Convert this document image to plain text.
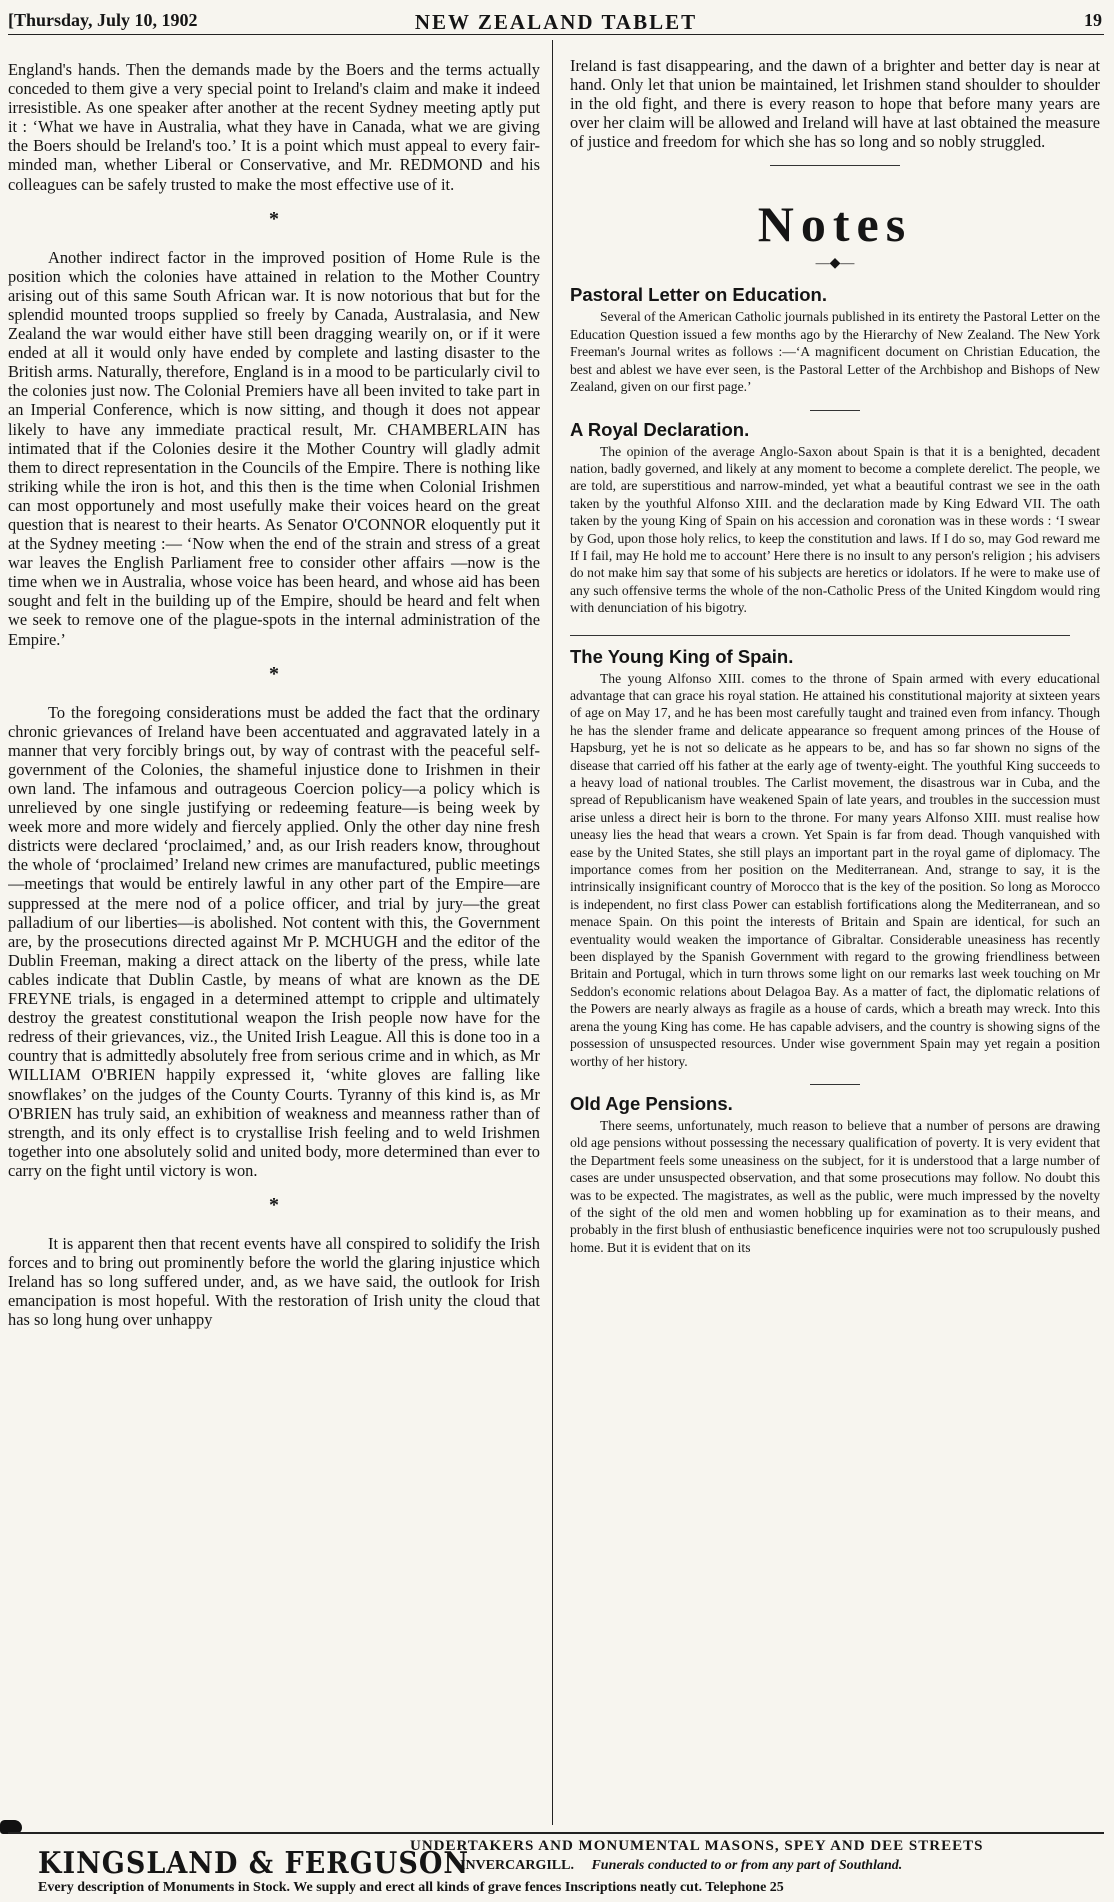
[Thursday, July 10, 1902	NEW ZEALAND TABLET	19

England's hands. Then the demands made by the Boers and the terms actually conceded to them give a very special point to Ireland's claim and make it indeed irresistible. As one speaker after another at the recent Sydney meeting aptly put it : ‘What we have in Australia, what they have in Canada, what we are giving the Boers should be Ireland's too.’ It is a point which must appeal to every fair-minded man, whether Liberal or Conservative, and Mr. REDMOND and his colleagues can be safely trusted to make the most effective use of it.

*

Another indirect factor in the improved position of Home Rule is the position which the colonies have attained in relation to the Mother Country arising out of this same South African war. It is now notorious that but for the splendid mounted troops supplied so freely by Canada, Australasia, and New Zealand the war would either have still been dragging wearily on, or if it were ended at all it would only have ended by complete and lasting disaster to the British arms. Naturally, therefore, England is in a mood to be particularly civil to the colonies just now. The Colonial Premiers have all been invited to take part in an Imperial Conference, which is now sitting, and though it does not appear likely to have any immediate practical result, Mr. CHAMBERLAIN has intimated that if the Colonies desire it the Mother Country will gladly admit them to direct representation in the Councils of the Empire. There is nothing like striking while the iron is hot, and this then is the time when Colonial Irishmen can most opportunely and most usefully make their voices heard on the great question that is nearest to their hearts. As Senator O'CONNOR eloquently put it at the Sydney meeting :— ‘Now when the end of the strain and stress of a great war leaves the English Parliament free to consider other affairs —now is the time when we in Australia, whose voice has been heard, and whose aid has been sought and felt in the building up of the Empire, should be heard and felt when we seek to remove one of the plague-spots in the internal administration of the Empire.’

*

To the foregoing considerations must be added the fact that the ordinary chronic grievances of Ireland have been accentuated and aggravated lately in a manner that very forcibly brings out, by way of contrast with the peaceful self-government of the Colonies, the shameful injustice done to Irishmen in their own land. The infamous and outrageous Coercion policy—a policy which is unrelieved by one single justifying or redeeming feature—is being week by week more and more widely and fiercely applied. Only the other day nine fresh districts were declared ‘proclaimed,’ and, as our Irish readers know, throughout the whole of ‘proclaimed’ Ireland new crimes are manufactured, public meetings—meetings that would be entirely lawful in any other part of the Empire—are suppressed at the mere nod of a police officer, and trial by jury—the great palladium of our liberties—is abolished. Not content with this, the Government are, by the prosecutions directed against Mr P. MCHUGH and the editor of the Dublin Freeman, making a direct attack on the liberty of the press, while late cables indicate that Dublin Castle, by means of what are known as the DE FREYNE trials, is engaged in a determined attempt to cripple and ultimately destroy the greatest constitutional weapon the Irish people now have for the redress of their grievances, viz., the United Irish League. All this is done too in a country that is admittedly absolutely free from serious crime and in which, as Mr WILLIAM O'BRIEN happily expressed it, ‘white gloves are falling like snowflakes’ on the judges of the County Courts. Tyranny of this kind is, as Mr O'BRIEN has truly said, an exhibition of weakness and meanness rather than of strength, and its only effect is to crystallise Irish feeling and to weld Irishmen together into one absolutely solid and united body, more determined than ever to carry on the fight until victory is won.

*

It is apparent then that recent events have all conspired to solidify the Irish forces and to bring out prominently before the world the glaring injustice which Ireland has so long suffered under, and, as we have said, the outlook for Irish emancipation is most hopeful. With the restoration of Irish unity the cloud that has so long hung over unhappy

Ireland is fast disappearing, and the dawn of a brighter and better day is near at hand. Only let that union be maintained, let Irishmen stand shoulder to shoulder in the old fight, and there is every reason to hope that before many years are over her claim will be allowed and Ireland will have at last obtained the measure of justice and freedom for which she has so long and so nobly struggled.

Notes
—◆—
Pastoral Letter on Education.

Several of the American Catholic journals published in its entirety the Pastoral Letter on the Education Question issued a few months ago by the Hierarchy of New Zealand. The New York Freeman's Journal writes as follows :—‘A magnificent document on Christian Education, the best and ablest we have ever seen, is the Pastoral Letter of the Archbishop and Bishops of New Zealand, given on our first page.’

A Royal Declaration.

The opinion of the average Anglo-Saxon about Spain is that it is a benighted, decadent nation, badly governed, and likely at any moment to become a complete derelict. The people, we are told, are superstitious and narrow-minded, yet what a beautiful contrast we see in the oath taken by the youthful Alfonso XIII. and the declaration made by King Edward VII. The oath taken by the young King of Spain on his accession and coronation was in these words : ‘I swear by God, upon those holy relics, to keep the constitution and laws. If I do so, may God reward me If I fail, may He hold me to account’ Here there is no insult to any person's religion ; his advisers do not make him say that some of his subjects are heretics or idolators. If he were to make use of any such offensive terms the whole of the non-Catholic Press of the United Kingdom would ring with denunciation of his bigotry.

The Young King of Spain.

The young Alfonso XIII. comes to the throne of Spain armed with every educational advantage that can grace his royal station. He attained his constitutional majority at sixteen years of age on May 17, and he has been most carefully taught and trained even from infancy. Though he has the slender frame and delicate appearance so frequent among princes of the House of Hapsburg, yet he is not so delicate as he appears to be, and has so far shown no signs of the disease that carried off his father at the early age of twenty-eight. The youthful King succeeds to a heavy load of national troubles. The Carlist movement, the disastrous war in Cuba, and the spread of Republicanism have weakened Spain of late years, and troubles in the succession must arise unless a direct heir is born to the throne. For many years Alfonso XIII. must realise how uneasy lies the head that wears a crown. Yet Spain is far from dead. Though vanquished with ease by the United States, she still plays an important part in the royal game of diplomacy. The importance comes from her position on the Mediterranean. And, strange to say, it is the intrinsically insignificant country of Morocco that is the key of the position. So long as Morocco is independent, no first class Power can establish fortifications along the Mediterranean, and so menace Spain. On this point the interests of Britain and Spain are identical, for such an eventuality would weaken the importance of Gibraltar. Considerable uneasiness has recently been displayed by the Spanish Government with regard to the growing friendliness between Britain and Portugal, which in turn throws some light on our remarks last week touching on Mr Seddon's economic relations about Delagoa Bay. As a matter of fact, the diplomatic relations of the Powers are nearly always as fragile as a house of cards, which a breath may wreck. Into this arena the young King has come. He has capable advisers, and the country is showing signs of the possession of unsuspected resources. Under wise government Spain may yet regain a position worthy of her history.

Old Age Pensions.

There seems, unfortunately, much reason to believe that a number of persons are drawing old age pensions without possessing the necessary qualification of poverty. It is very evident that the Department feels some uneasiness on the subject, for it is understood that a large number of cases are under unsuspected observation, and that some prosecutions may follow. No doubt this was to be expected. The magistrates, as well as the public, were much impressed by the novelty of the sight of the old men and women hobbling up for examination as to their means, and probably in the first blush of enthusiastic beneficence inquiries were not too scrupulously pushed home. But it is evident that on its

KINGSLAND & FERGUSON
UNDERTAKERS AND MONUMENTAL MASONS, SPEY AND DEE STREETS
INVERCARGILL. Funerals conducted to or from any part of Southland.
Every description of Monuments in Stock. We supply and erect all kinds of grave fences Inscriptions neatly cut. Telephone 25
